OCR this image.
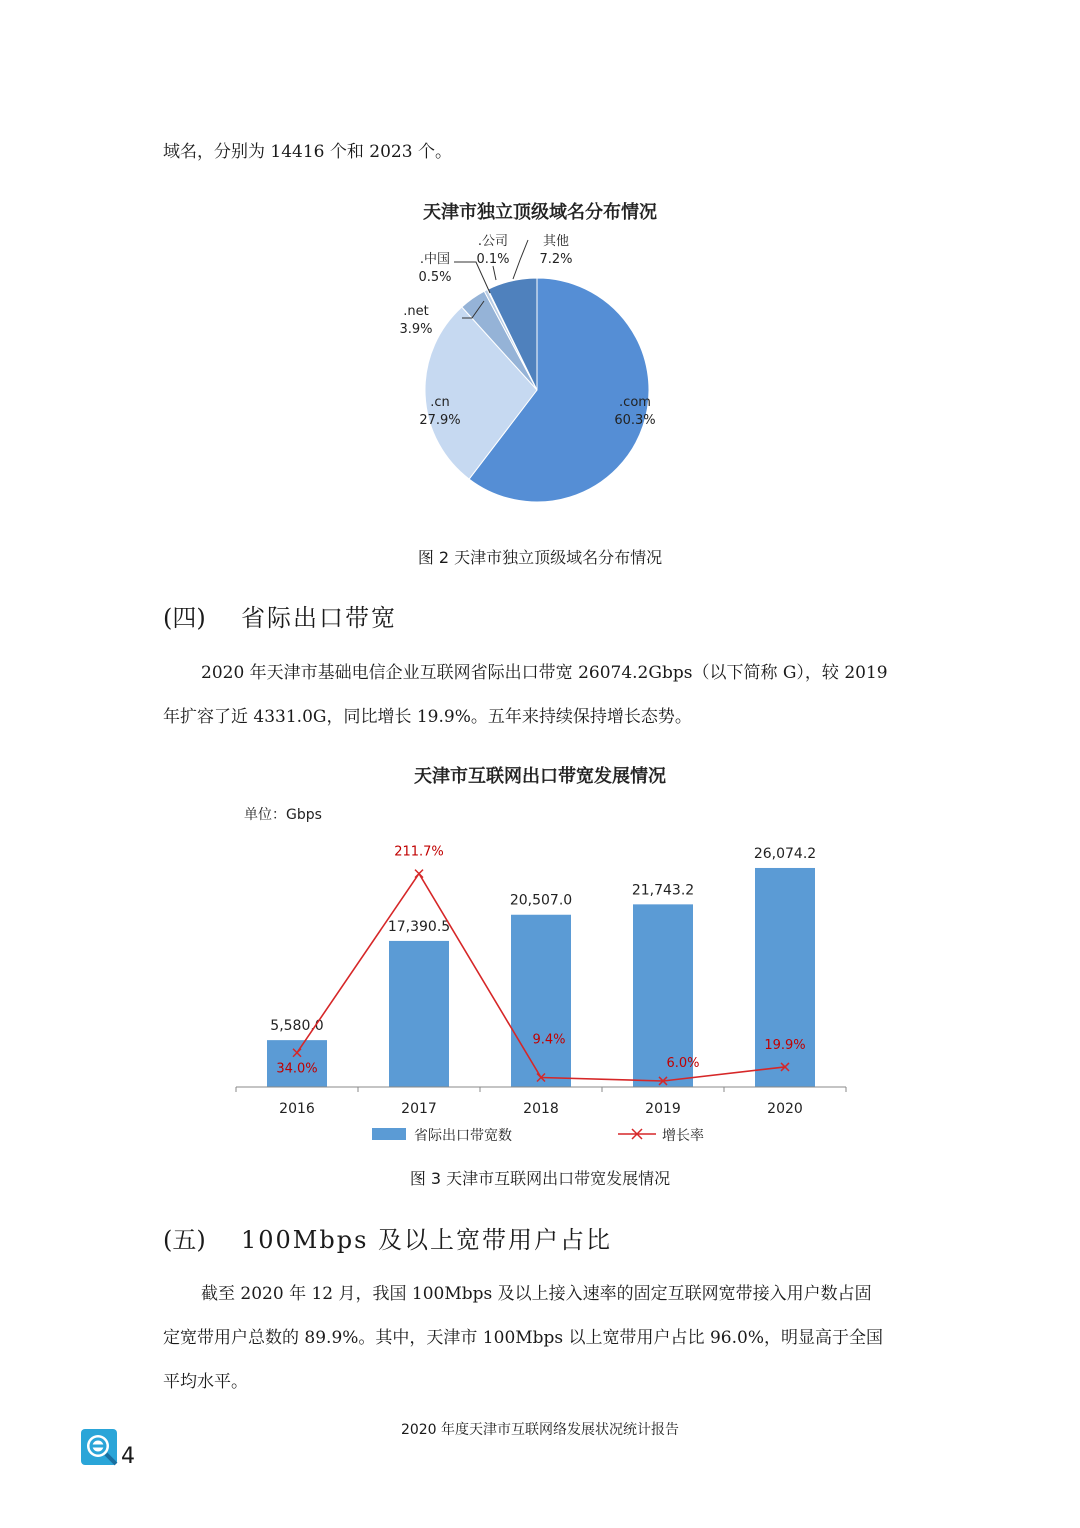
域名，分别为 14416 个和 2023 个。

天津市独立顶级域名分布情况
.com
60.3%
.cn
27.9%
.net
3.9%
.中国
0.5%
.公司
0.1%
其他
7.2%
图 2 天津市独立顶级域名分布情况
(四) 省际出口带宽

2020 年天津市基础电信企业互联网省际出口带宽 26074.2Gbps（以下简称 G），较 2019

年扩容了近 4331.0G，同比增长 19.9%。五年来持续保持增长态势。

天津市互联网出口带宽发展情况
单位：Gbps
2016	2017	2018	2019	2020
5,580.0
17,390.5
20,507.0
21,743.2
26,074.2
34.0%
211.7%
9.4%
6.0%
19.9%
省际出口带宽数	增长率
图 3 天津市互联网出口带宽发展情况
(五) 100Mbps 及以上宽带用户占比

截至 2020 年 12 月，我国 100Mbps 及以上接入速率的固定互联网宽带接入用户数占固

定宽带用户总数的 89.9%。其中，天津市 100Mbps 以上宽带用户占比 96.0%，明显高于全国

平均水平。

2020 年度天津市互联网络发展状况统计报告
4
